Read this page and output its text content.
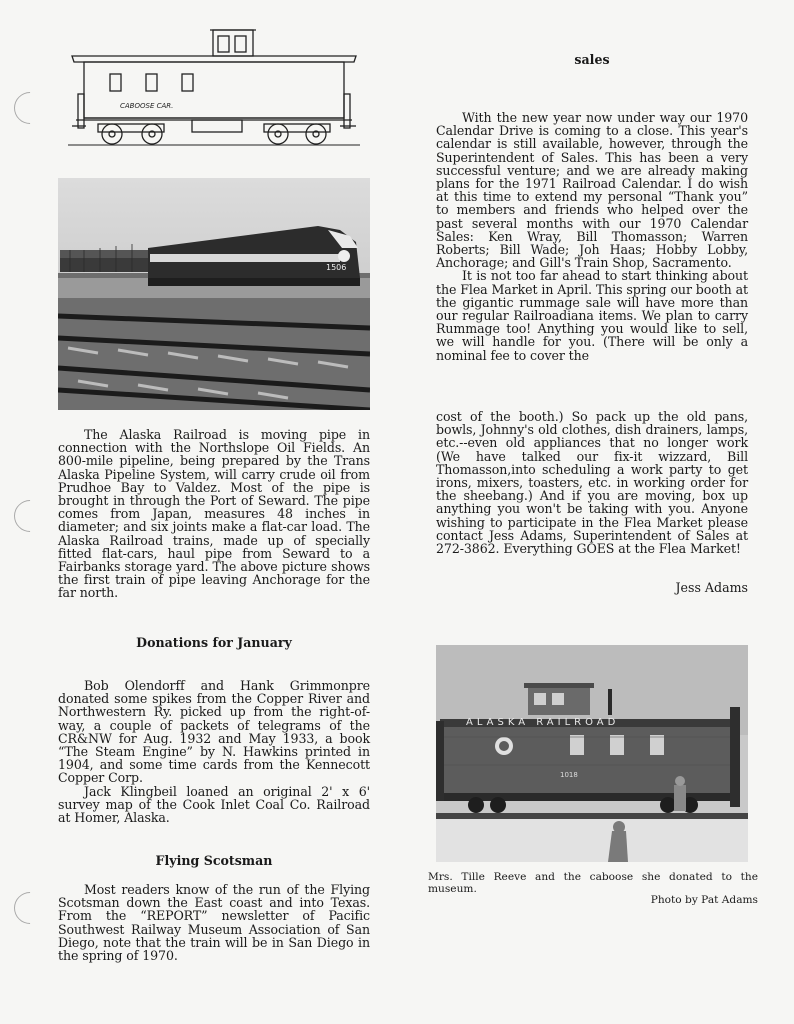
CABOOSE CAR.
1506

The Alaska Railroad is moving pipe in connection with the Northslope Oil Fields. An 800-mile pipeline, being prepared by the Trans Alaska Pipeline System, will carry crude oil from Prudhoe Bay to Valdez. Most of the pipe is brought in through the Port of Seward. The pipe comes from Japan, measures 48 inches in diameter; and six joints make a flat-car load. The Alaska Railroad trains, made up of specially fitted flat-cars, haul pipe from Seward to a Fairbanks storage yard. The above picture shows the first train of pipe leaving Anchorage for the far north.

Donations for January

Bob Olendorff and Hank Grimmonpre donated some spikes from the Copper River and Northwestern Ry. picked up from the right-of-way, a couple of packets of telegrams of the CR&NW for Aug. 1932 and May 1933, a book “The Steam Engine” by N. Hawkins printed in 1904, and some time cards from the Kennecott Copper Corp.

Jack Klingbeil loaned an original 2' x 6' survey map of the Cook Inlet Coal Co. Railroad at Homer, Alaska.

Flying Scotsman

Most readers know of the run of the Flying Scotsman down the East coast and into Texas. From the “REPORT” newsletter of Pacific Southwest Railway Museum Association of San Diego, note that the train will be in San Diego in the spring of 1970.

sales

With the new year now under way our 1970 Calendar Drive is coming to a close. This year's calendar is still available, however, through the Superintendent of Sales. This has been a very successful venture; and we are already making plans for the 1971 Railroad Calendar. I do wish at this time to extend my personal “Thank you” to members and friends who helped over the past several months with our 1970 Calendar Sales: Ken Wray, Bill Thomasson; Warren Roberts; Bill Wade; Joh Haas; Hobby Lobby, Anchorage; and Gill's Train Shop, Sacramento.

It is not too far ahead to start thinking about the Flea Market in April. This spring our booth at the gigantic rummage sale will have more than our regular Railroadiana items. We plan to carry Rummage too! Anything you would like to sell, we will handle for you. (There will be only a nominal fee to cover the

cost of the booth.) So pack up the old pans, bowls, Johnny's old clothes, dish drainers, lamps, etc.--even old appliances that no longer work (We have talked our fix-it wizzard, Bill Thomasson,into scheduling a work party to get irons, mixers, toasters, etc. in working order for the sheebang.) And if you are moving, box up anything you won't be taking with you. Anyone wishing to participate in the Flea Market please contact Jess Adams, Superintendent of Sales at 272-3862. Everything GOES at the Flea Market!

Jess Adams
ALASKA RAILROAD
1018
Mrs. Tille Reeve and the caboose she donated to the museum.
Photo by Pat Adams
